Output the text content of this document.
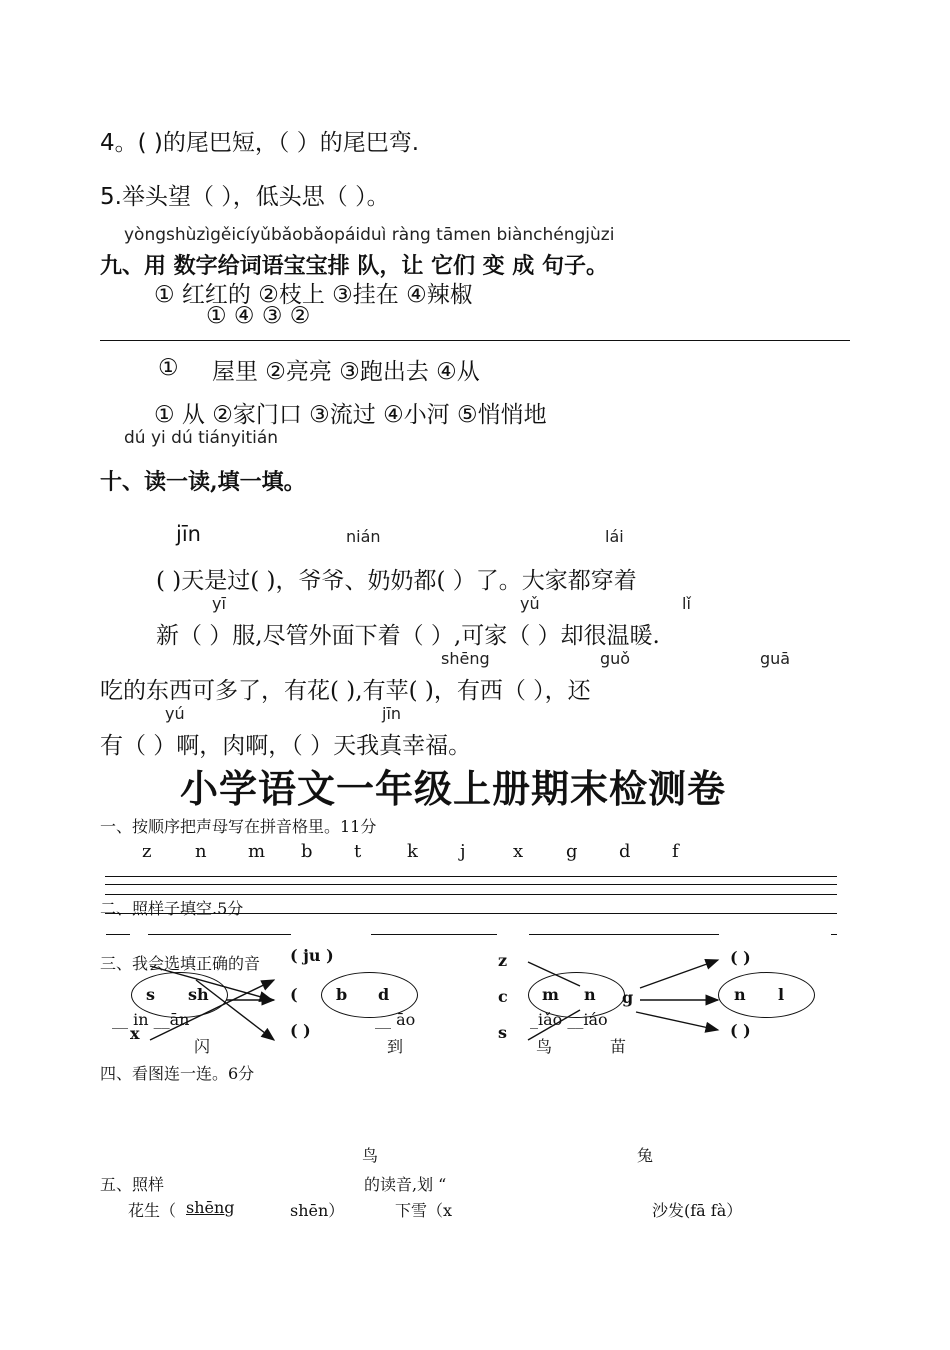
4。( )的尾巴短，（ ）的尾巴弯.
5.举头望（ ），低头思（ ）。
yòngshùzìgěicíyǔbǎobǎopáiduì ràng tāmen biànchéngjùzi
九、用 数字给词语宝宝排 队，让 它们 变 成 句子。
① 红红的 ②枝上 ③挂在 ④辣椒
① ④ ③ ②
① 屋里 ②亮亮 ③跑出去 ④从
① 从 ②家门口 ③流过 ④小河 ⑤悄悄地
dú yi dú tiányitián
十、读一读,填一填。
jīn	nián	lái
( )天是过( )，爷爷、奶奶都( ）了。大家都穿着
yī	yǔ	lǐ
新（ ）服,尽管外面下着（ ）,可家（ ）却很温暖.
shēng	guǒ	guā
吃的东西可多了，有花( ),有苹( )，有西（ ），还
yú	jīn
有（ ）啊，肉啊，（ ）天我真幸福。
小学语文一年级上册期末检测卷
一、按顺序把声母写在拼音格里。11分
z n m b t	k j	x g d f
二、照样子填空.5分
三、我会选填正确的音 ( ju )
s sh
__ in __ān
x
闪
(
( )
b d
__ āo
到
z
c
s
m n g
_iǎo __iáo
鸟	苗
( )
n l
( )
四、看图连一连。6分
鸟	兔
五、照样	的读音,划 “
花生（ shēng	shēn）	下雪（x	沙发(fā fà）
